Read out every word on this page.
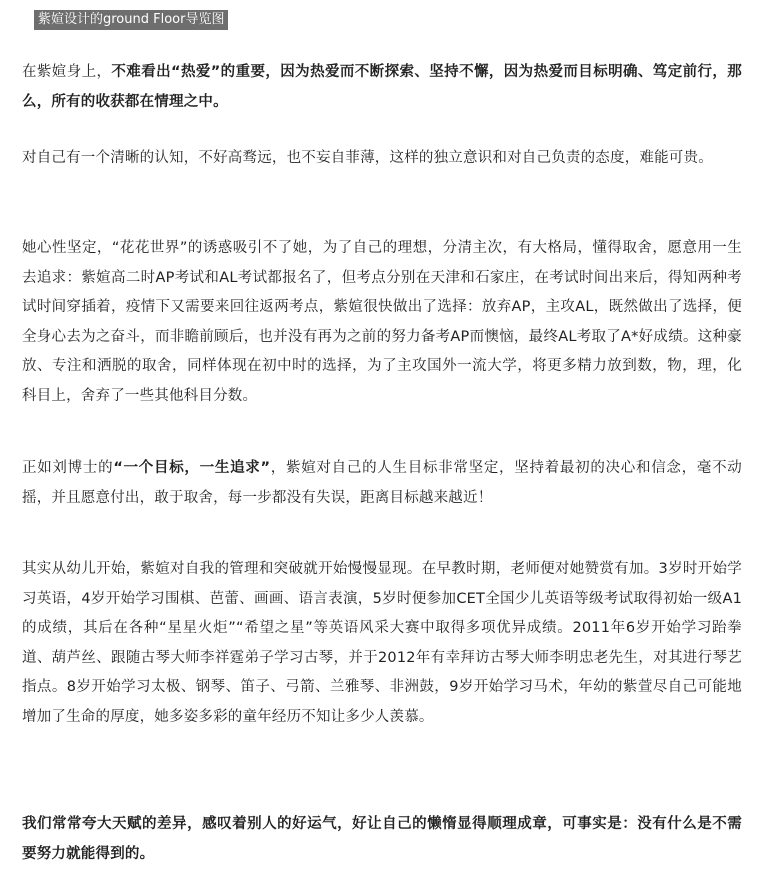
紫媗设计的ground Floor导览图

在紫媗身上，不难看出“热爱”的重要，因为热爱而不断探索、坚持不懈，因为热爱而目标明确、笃定前行，那么，所有的收获都在情理之中。

对自己有一个清晰的认知，不好高骛远，也不妄自菲薄，这样的独立意识和对自己负责的态度，难能可贵。

她心性坚定，“花花世界”的诱惑吸引不了她，为了自己的理想，分清主次，有大格局，懂得取舍，愿意用一生去追求：紫媗高二时AP考试和AL考试都报名了，但考点分别在天津和石家庄，在考试时间出来后，得知两种考试时间穿插着，疫情下又需要来回往返两考点，紫媗很快做出了选择：放弃AP，主攻AL，既然做出了选择，便全身心去为之奋斗，而非瞻前顾后，也并没有再为之前的努力备考AP而懊恼，最终AL考取了A*好成绩。这种豪放、专注和洒脱的取舍，同样体现在初中时的选择，为了主攻国外一流大学，将更多精力放到数，物，理，化科目上，舍弃了一些其他科目分数。

正如刘博士的“一个目标，一生追求”，紫媗对自己的人生目标非常坚定，坚持着最初的决心和信念，毫不动摇，并且愿意付出，敢于取舍，每一步都没有失误，距离目标越来越近！

其实从幼儿开始，紫媗对自我的管理和突破就开始慢慢显现。在早教时期，老师便对她赞赏有加。3岁时开始学习英语，4岁开始学习围棋、芭蕾、画画、语言表演，5岁时便参加CET全国少儿英语等级考试取得初始一级A1的成绩，其后在各种“星星火炬”“希望之星”等英语风采大赛中取得多项优异成绩。2011年6岁开始学习跆拳道、葫芦丝、跟随古琴大师李祥霆弟子学习古琴，并于2012年有幸拜访古琴大师李明忠老先生，对其进行琴艺指点。8岁开始学习太极、钢琴、笛子、弓箭、兰雅琴、非洲鼓，9岁开始学习马术，年幼的紫萱尽自己可能地增加了生命的厚度，她多姿多彩的童年经历不知让多少人羡慕。

我们常常夸大天赋的差异，感叹着别人的好运气，好让自己的懒惰显得顺理成章，可事实是：没有什么是不需要努力就能得到的。
